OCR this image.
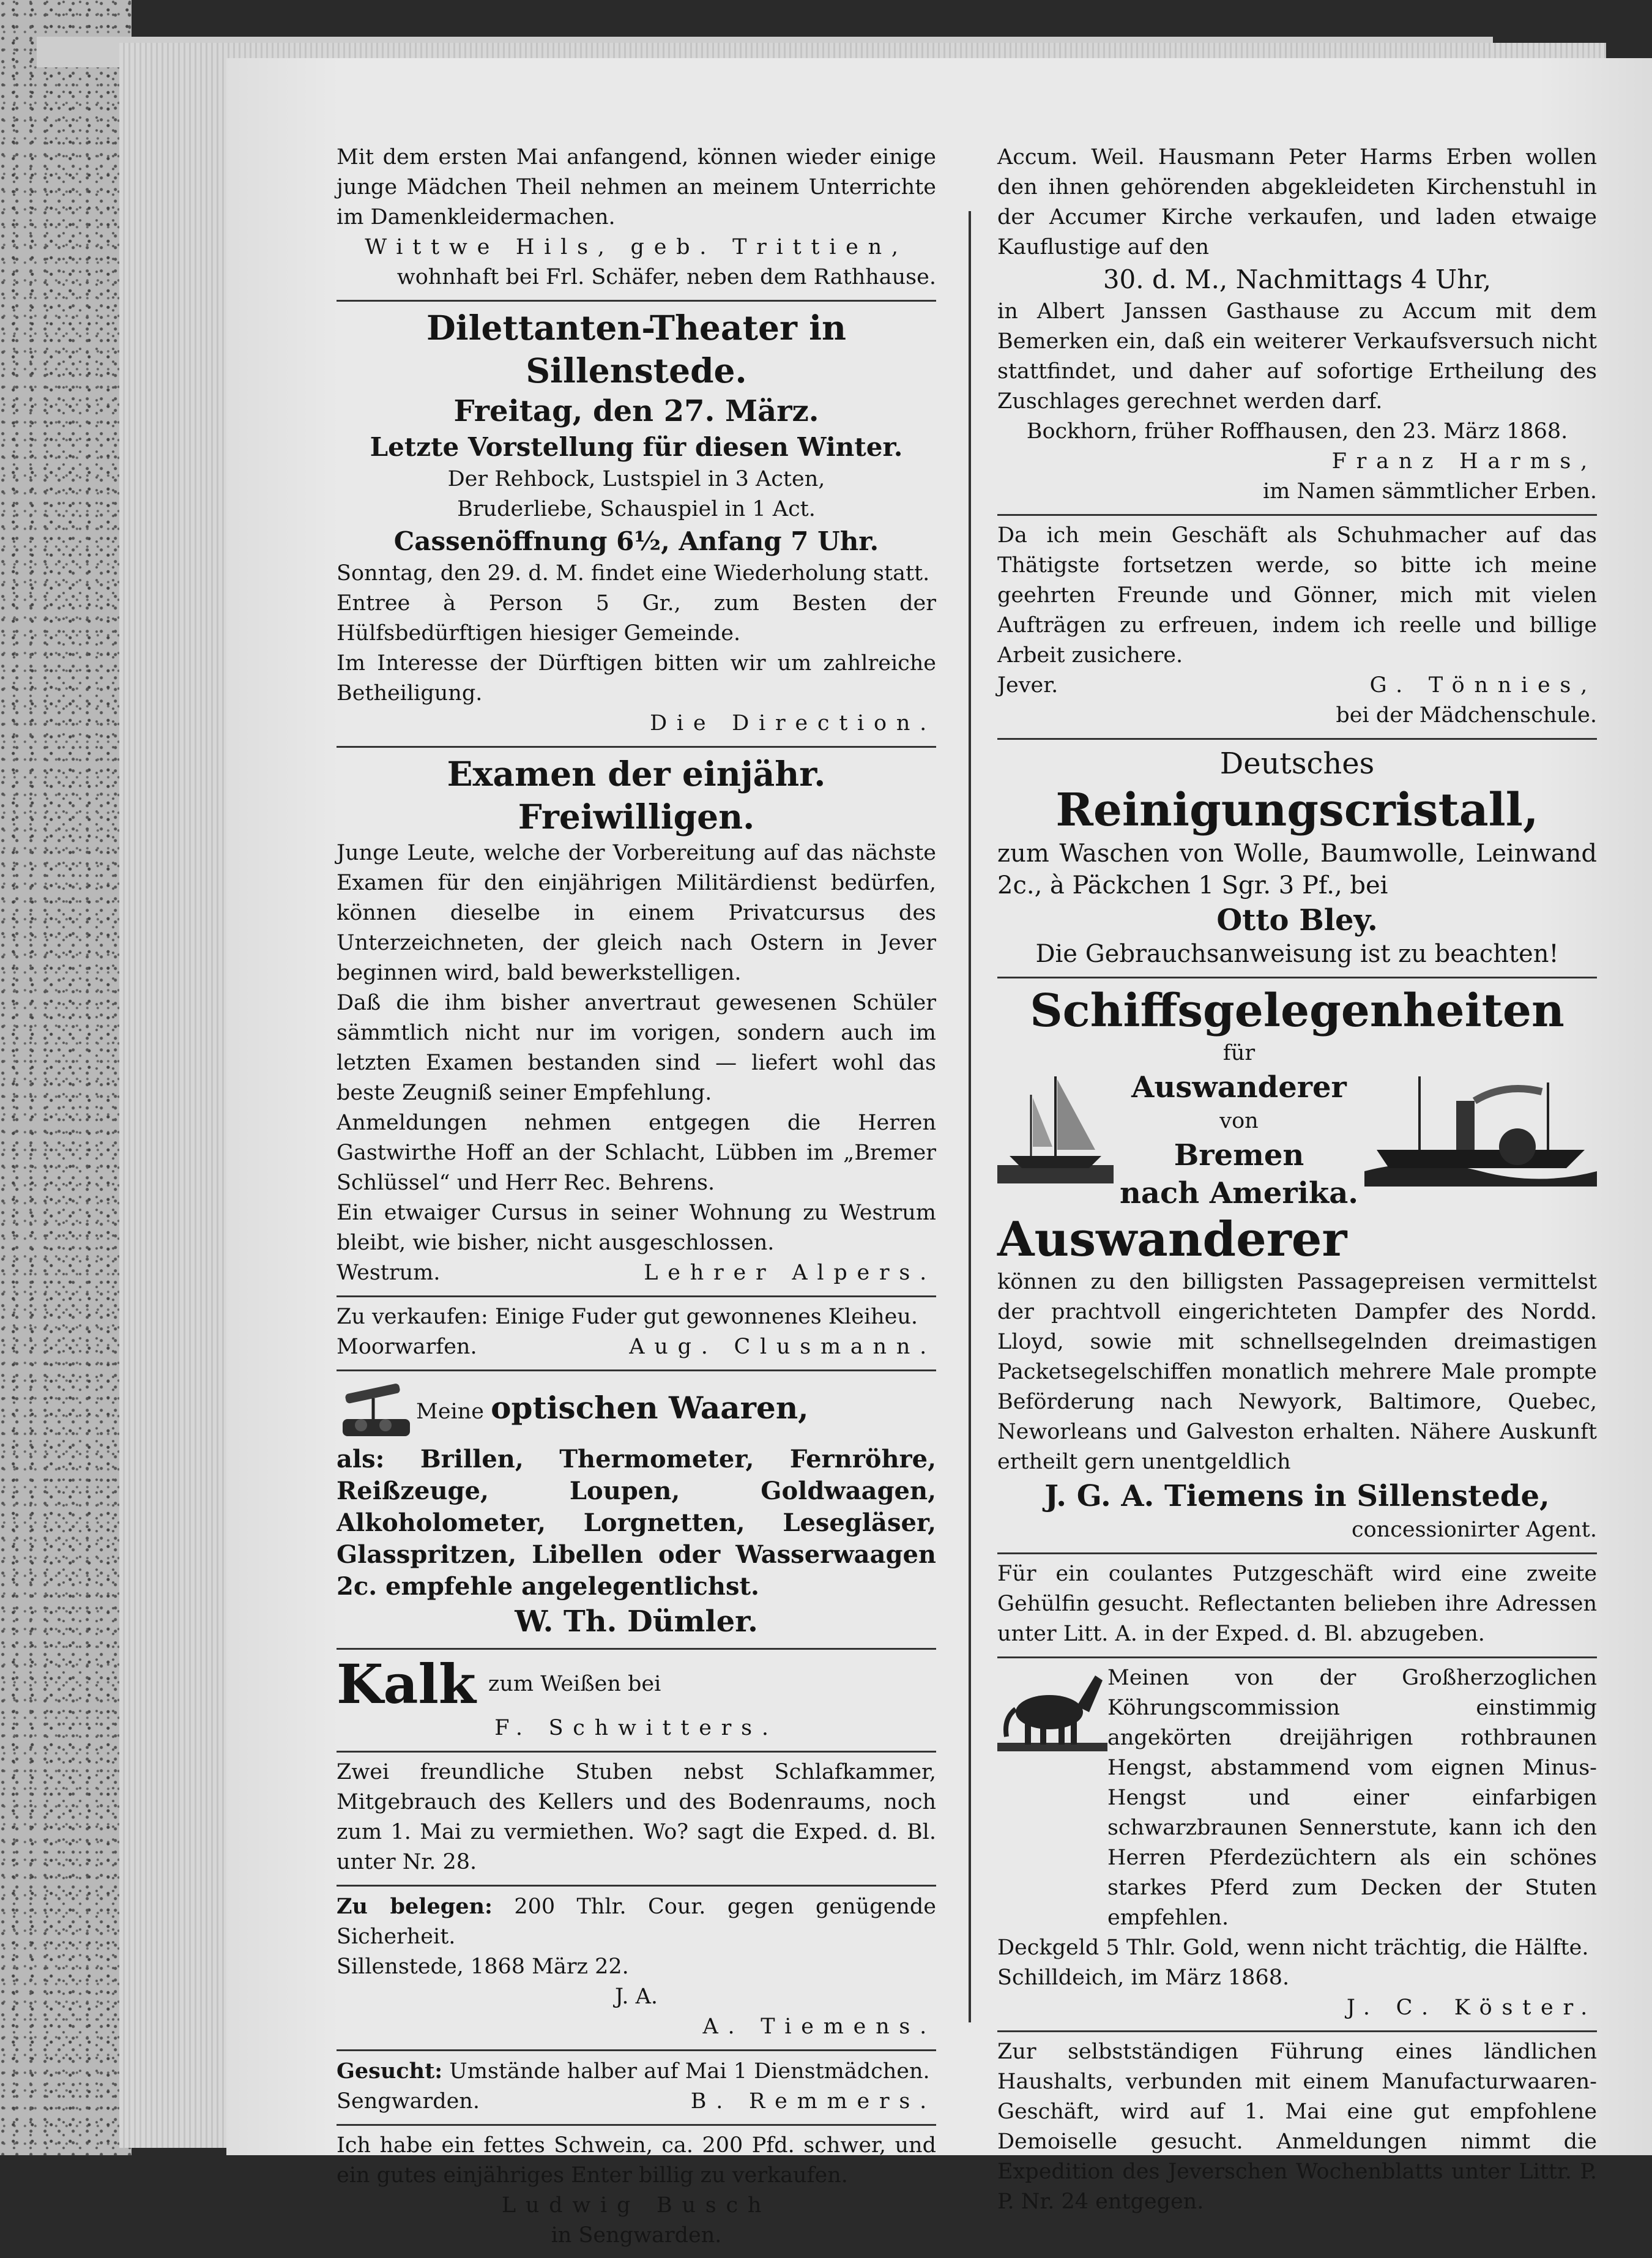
Mit dem ersten Mai anfangend, können wieder einige junge Mädchen Theil nehmen an meinem Unterrichte im Damenkleidermachen.

Wittwe Hils, geb. Trittien,

wohnhaft bei Frl. Schäfer, neben dem Rathhause.

Dilettanten-Theater in Sillenstede.
Freitag, den 27. März.
Letzte Vorstellung für diesen Winter.

Der Rehbock, Lustspiel in 3 Acten,

Bruderliebe, Schauspiel in 1 Act.

Cassenöffnung 6½, Anfang 7 Uhr.

Sonntag, den 29. d. M. findet eine Wiederholung statt.

Entree à Person 5 Gr., zum Besten der Hülfsbedürftigen hiesiger Gemeinde.

Im Interesse der Dürftigen bitten wir um zahlreiche Betheiligung.

Die Direction.

Examen der einjähr. Freiwilligen.

Junge Leute, welche der Vorbereitung auf das nächste Examen für den einjährigen Militärdienst bedürfen, können dieselbe in einem Privatcursus des Unterzeichneten, der gleich nach Ostern in Jever beginnen wird, bald bewerkstelligen.

Daß die ihm bisher anvertraut gewesenen Schüler sämmtlich nicht nur im vorigen, sondern auch im letzten Examen bestanden sind — liefert wohl das beste Zeugniß seiner Empfehlung.

Anmeldungen nehmen entgegen die Herren Gastwirthe Hoff an der Schlacht, Lübben im „Bremer Schlüssel“ und Herr Rec. Behrens.

Ein etwaiger Cursus in seiner Wohnung zu Westrum bleibt, wie bisher, nicht ausgeschlossen.

Westrum.	Lehrer Alpers.

Zu verkaufen: Einige Fuder gut gewonnenes Kleiheu.

Moorwarfen.	Aug. Clusmann.
Meine optischen Waaren,

als: Brillen, Thermometer, Fernröhre, Reißzeuge, Loupen, Goldwaagen, Alkoholometer, Lorgnetten, Lesegläser, Glasspritzen, Libellen oder Wasserwaagen 2c. empfehle angelegentlichst.

W. Th. Dümler.
Kalk zum Weißen bei

F. Schwitters.

Zwei freundliche Stuben nebst Schlafkammer, Mitgebrauch des Kellers und des Bodenraums, noch zum 1. Mai zu vermiethen. Wo? sagt die Exped. d. Bl. unter Nr. 28.

Zu belegen: 200 Thlr. Cour. gegen genügende Sicherheit.

Sillenstede, 1868 März 22.

J. A.

A. Tiemens.

Gesucht: Umstände halber auf Mai 1 Dienstmädchen.

Sengwarden.	B. Remmers.

Ich habe ein fettes Schwein, ca. 200 Pfd. schwer, und ein gutes einjähriges Enter billig zu verkaufen.

Ludwig Busch

in Sengwarden.

Accum. Weil. Hausmann Peter Harms Erben wollen den ihnen gehörenden abgekleideten Kirchenstuhl in der Accumer Kirche verkaufen, und laden etwaige Kauflustige auf den

30. d. M., Nachmittags 4 Uhr,

in Albert Janssen Gasthause zu Accum mit dem Bemerken ein, daß ein weiterer Verkaufsversuch nicht stattfindet, und daher auf sofortige Ertheilung des Zuschlages gerechnet werden darf.

Bockhorn, früher Roffhausen, den 23. März 1868.

Franz Harms,

im Namen sämmtlicher Erben.

Da ich mein Geschäft als Schuhmacher auf das Thätigste fortsetzen werde, so bitte ich meine geehrten Freunde und Gönner, mich mit vielen Aufträgen zu erfreuen, indem ich reelle und billige Arbeit zusichere.

Jever.	G. Tönnies,

bei der Mädchenschule.

Deutsches
Reinigungscristall,

zum Waschen von Wolle, Baumwolle, Leinwand 2c., à Päckchen 1 Sgr. 3 Pf., bei

Otto Bley.

Die Gebrauchsanweisung ist zu beachten!

Schiffsgelegenheiten
für
Auswanderer
von
Bremen
nach Amerika.
Auswanderer

können zu den billigsten Passagepreisen vermittelst der prachtvoll eingerichteten Dampfer des Nordd. Lloyd, sowie mit schnellsegelnden dreimastigen Packetsegelschiffen monatlich mehrere Male prompte Beförderung nach Newyork, Baltimore, Quebec, Neworleans und Galveston erhalten. Nähere Auskunft ertheilt gern unentgeldlich

J. G. A. Tiemens in Sillenstede,

concessionirter Agent.

Für ein coulantes Putzgeschäft wird eine zweite Gehülfin gesucht. Reflectanten belieben ihre Adressen unter Litt. A. in der Exped. d. Bl. abzugeben.

Meinen von der Großherzoglichen Köhrungscommission einstimmig angekörten dreijährigen rothbraunen Hengst, abstammend vom eignen Minus-Hengst und einer einfarbigen schwarzbraunen Sennerstute, kann ich den Herren Pferdezüchtern als ein schönes starkes Pferd zum Decken der Stuten empfehlen.

Deckgeld 5 Thlr. Gold, wenn nicht trächtig, die Hälfte.

Schilldeich, im März 1868.

J. C. Köster.

Zur selbstständigen Führung eines ländlichen Haushalts, verbunden mit einem Manufacturwaaren-Geschäft, wird auf 1. Mai eine gut empfohlene Demoiselle gesucht. Anmeldungen nimmt die Expedition des Jeverschen Wochenblatts unter Littr. P. P. Nr. 24 entgegen.
